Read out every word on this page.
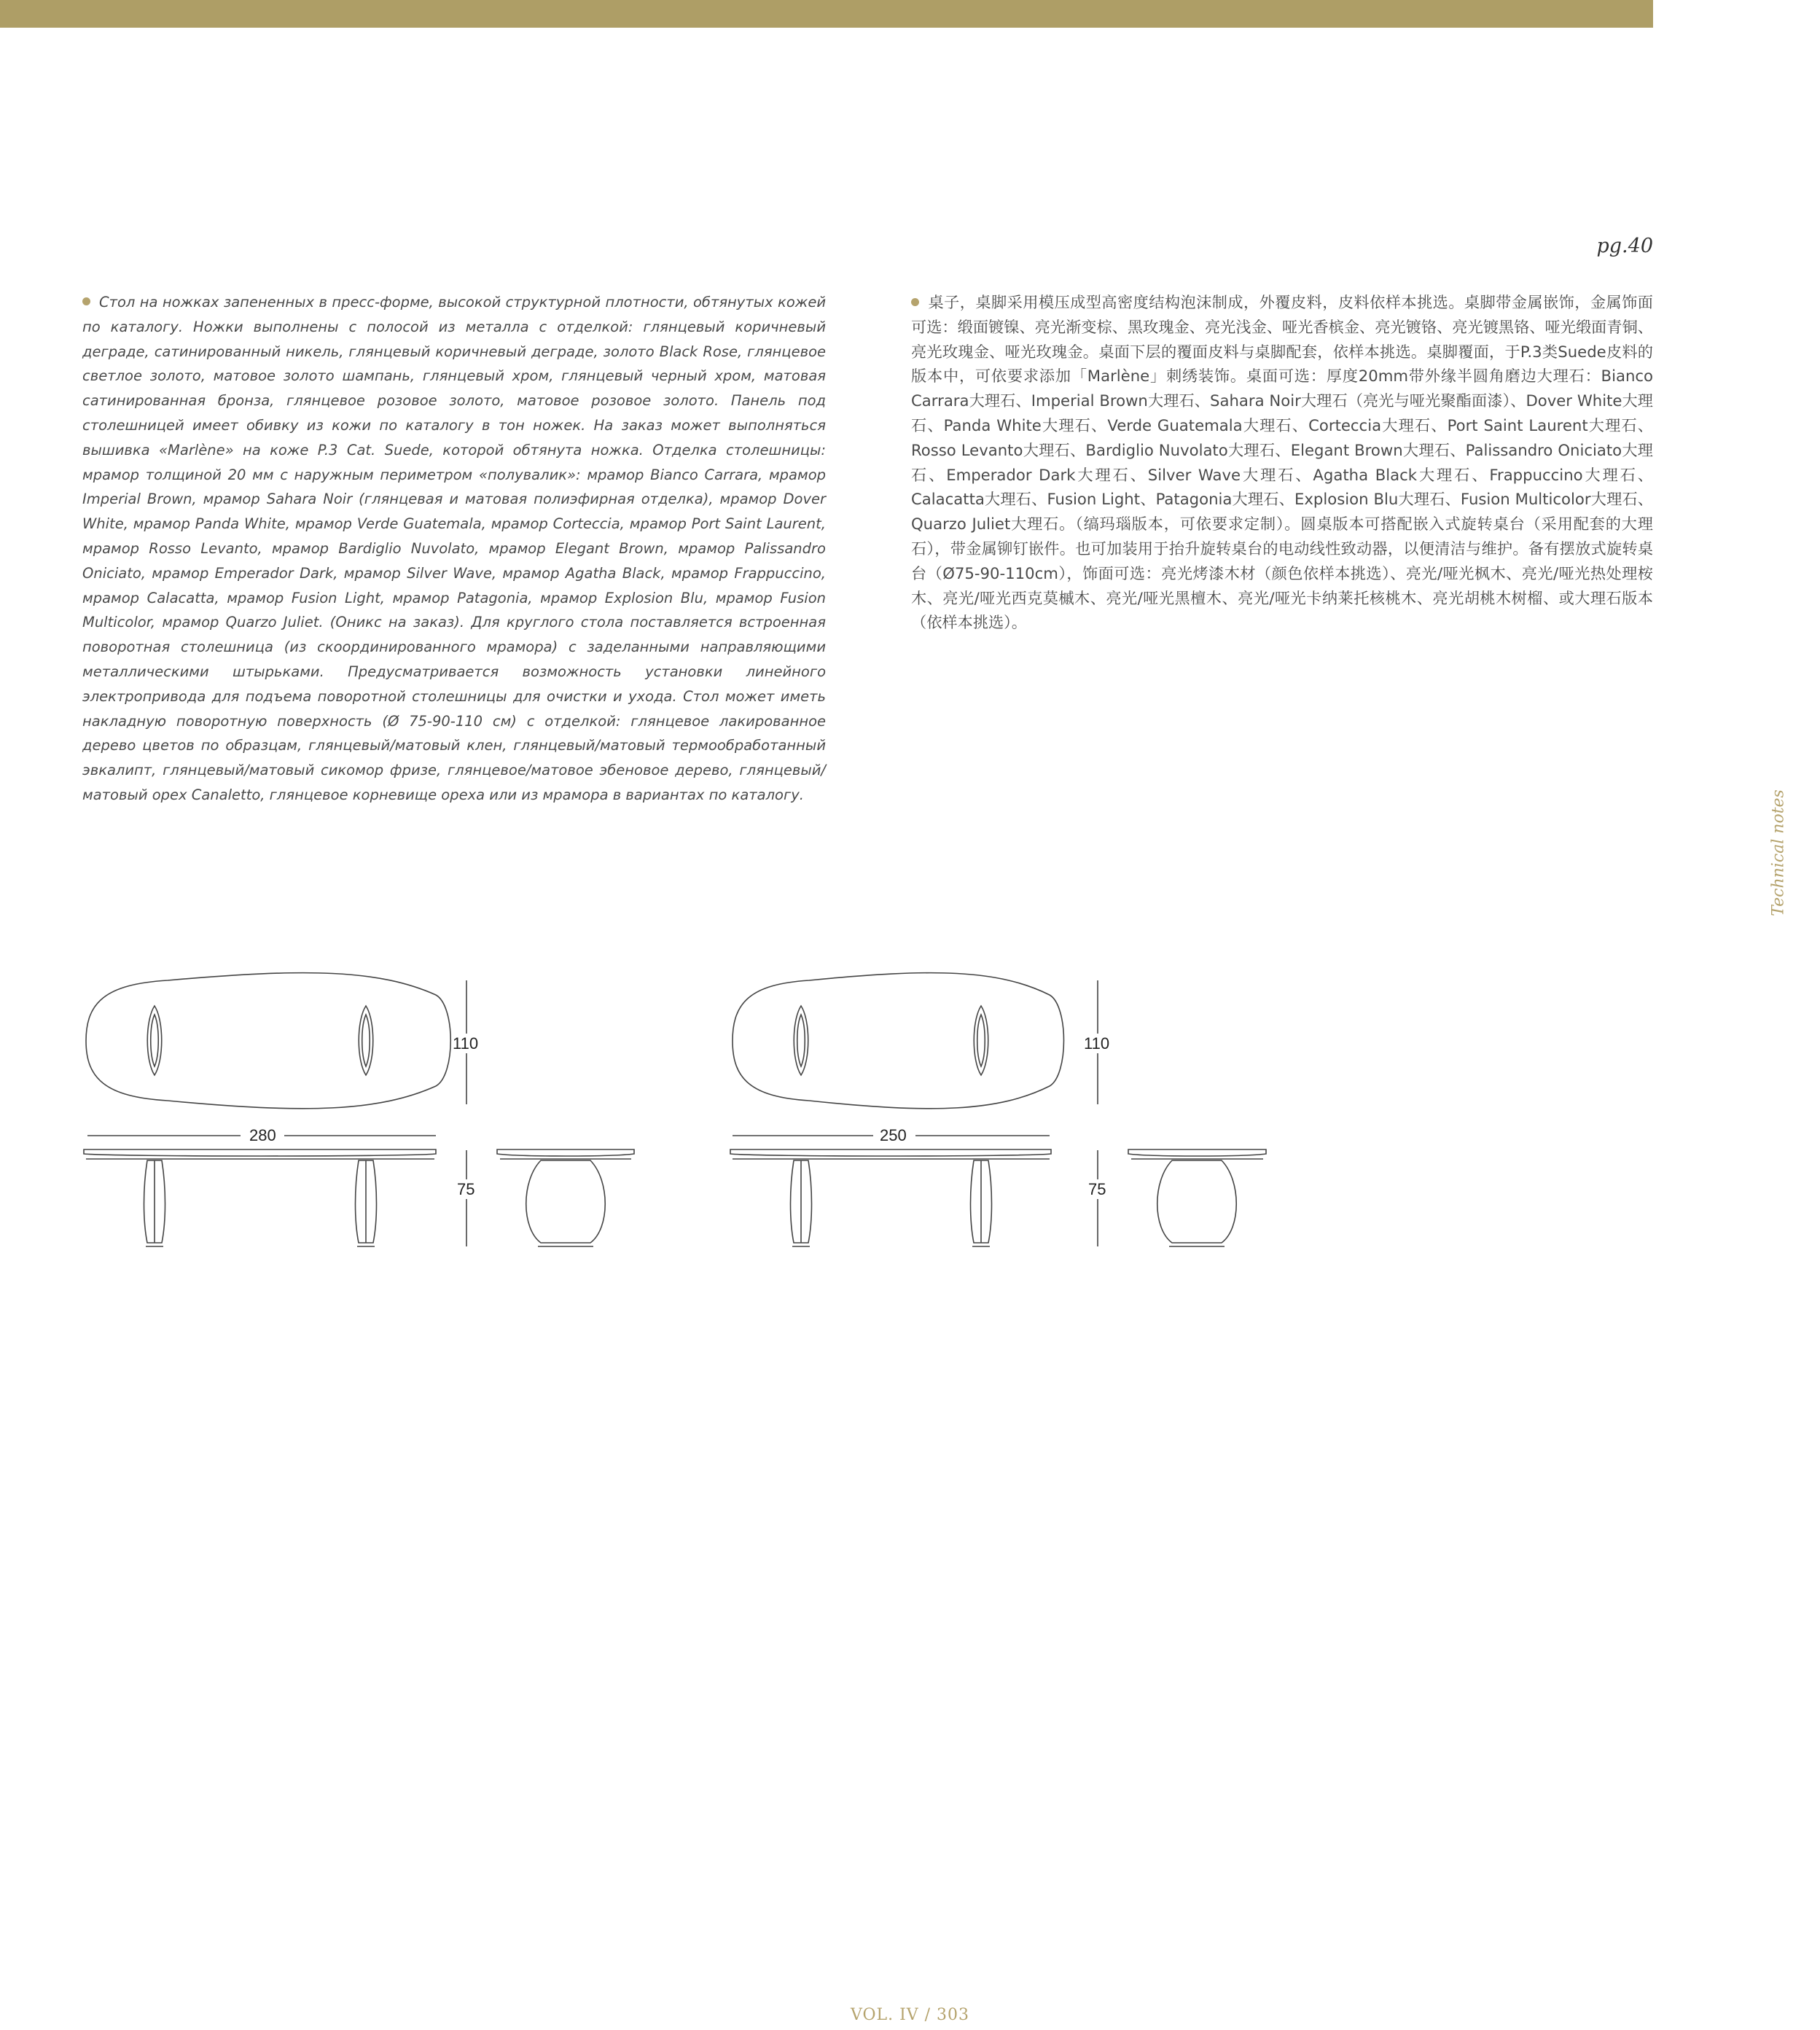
pg.40
Technical notes
Стол на ножках запененных в пресс-форме, высокой структурной плотности, обтянутых кожей по каталогу. Ножки выполнены с полосой из металла с отделкой: глянцевый коричневый деграде, сатинированный никель, глянцевый коричневый деграде, золото Black Rose, глянцевое светлое золото, матовое золото шампань, глянцевый хром, глянцевый черный хром, матовая сатинированная бронза, глянцевое розовое золото, матовое розовое золото. Панель под столешницей имеет обивку из кожи по каталогу в тон ножек. На заказ может выполняться вышивка «Marlène» на коже P.3 Cat. Suede, которой обтянута ножка. Отделка столешницы: мрамор толщиной 20 мм с наружным периметром «полувалик»: мрамор Bianco Carrara, мрамор Imperial Brown, мрамор Sahara Noir (глянцевая и матовая полиэфирная отделка), мрамор Dover White, мрамор Panda White, мрамор Verde Guatemala, мрамор Corteccia, мрамор Port Saint Laurent, мрамор Rosso Levanto, мрамор Bardiglio Nuvolato, мрамор Elegant Brown, мрамор Palissandro Oniciato, мрамор Emperador Dark, мрамор Silver Wave, мрамор Agatha Black, мрамор Frappuccino, мрамор Calacatta, мрамор Fusion Light, мрамор Patagonia, мрамор Explosion Blu, мрамор Fusion Multicolor, мрамор Quarzo Juliet. (Оникс на заказ). Для круглого стола поставляется встроенная поворотная столешница (из скоординированного мрамора) с заделанными направляющими металлическими штырьками. Предусматривается возможность установки линейного электропривода для подъема поворотной столешницы для очистки и ухода. Стол может иметь накладную поворотную поверхность (Ø 75-90-110 см) с отделкой: глянцевое лакированное дерево цветов по образцам, глянцевый/матовый клен, глянцевый/матовый термообработанный эвкалипт, глянцевый/матовый сикомор фризе, глянцевое/матовое эбеновое дерево, глянцевый/матовый орех Canaletto, глянцевое корневище ореха или из мрамора в вариантах по каталогу.
桌子，桌脚采用模压成型高密度结构泡沫制成，外覆皮料，皮料依样本挑选。桌脚带金属嵌饰，金属饰面可选：缎面镀镍、亮光渐变棕、黑玫瑰金、亮光浅金、哑光香槟金、亮光镀铬、亮光镀黑铬、哑光缎面青铜、亮光玫瑰金、哑光玫瑰金。桌面下层的覆面皮料与桌脚配套，依样本挑选。桌脚覆面，于P.3类Suede皮料的版本中，可依要求添加「Marlène」刺绣装饰。桌面可选：厚度20mm带外缘半圆角磨边大理石：Bianco Carrara大理石、Imperial Brown大理石、Sahara Noir大理石（亮光与哑光聚酯面漆）、Dover White大理石、Panda White大理石、Verde Guatemala大理石、Corteccia大理石、Port Saint Laurent大理石、Rosso Levanto大理石、Bardiglio Nuvolato大理石、Elegant Brown大理石、Palissandro Oniciato大理石、Emperador Dark大理石、Silver Wave大理石、Agatha Black大理石、Frappuccino大理石、Calacatta大理石、Fusion Light、Patagonia大理石、Explosion Blu大理石、Fusion Multicolor大理石、Quarzo Juliet大理石。（缟玛瑙版本，可依要求定制）。圆桌版本可搭配嵌入式旋转桌台（采用配套的大理石），带金属铆钉嵌件。也可加装用于抬升旋转桌台的电动线性致动器，以便清洁与维护。备有摆放式旋转桌台（Ø75-90-110cm），饰面可选：亮光烤漆木材（颜色依样本挑选）、亮光/哑光枫木、亮光/哑光热处理桉木、亮光/哑光西克莫槭木、亮光/哑光黑檀木、亮光/哑光卡纳莱托核桃木、亮光胡桃木树榴、或大理石版本（依样本挑选）。
110
280
75
110
250
75
VOL. IV / 303
